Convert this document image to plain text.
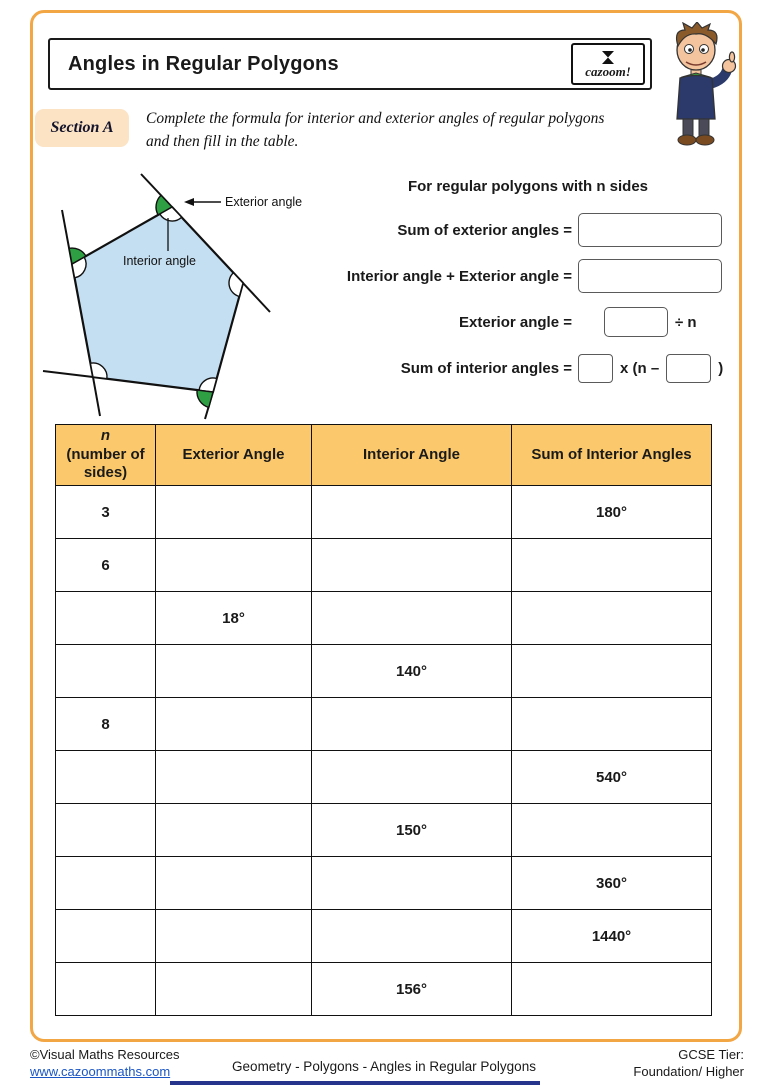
Angles in Regular Polygons	cazoom!
Section A
Complete the formula for interior and exterior angles of regular polygons and then fill in the table.
Exterior angle
Interior angle
For regular polygons with n sides
Sum of exterior angles =
Interior angle + Exterior angle =
Exterior angle =	÷ n
Sum of interior angles =	x (n –	)
n
(number of sides)	Exterior Angle	Interior Angle	Sum of Interior Angles
3			180°
6			
	18°		
		140°	
8			
			540°
		150°	
			360°
			1440°
		156°	
©Visual Maths Resources
www.cazoommaths.com	Geometry - Polygons - Angles in Regular Polygons
GCSE Tier:
Foundation/ Higher
